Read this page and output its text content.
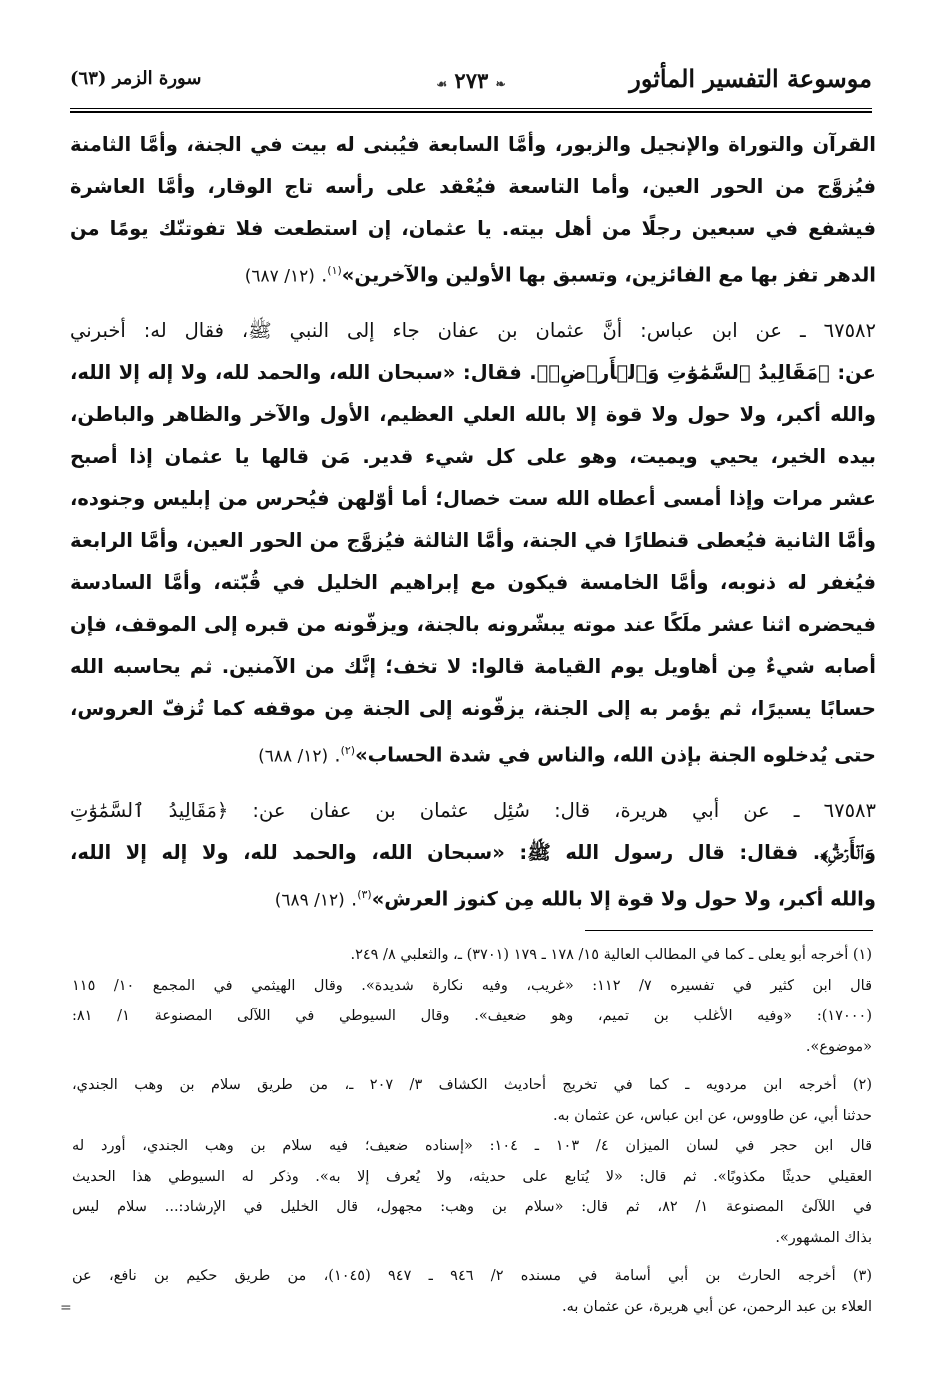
موسوعة التفسير المأثور
❧ ٢٧٣ ☙
سورة الزمر (٦٣)
القرآن والتوراة والإنجيل والزبور، وأمَّا السابعة فيُبنى له بيت في الجنة، وأمَّا الثامنة
فيُزوَّج من الحور العين، وأما التاسعة فيُعْقد على رأسه تاج الوقار، وأمَّا العاشرة
فيشفع في سبعين رجلًا من أهل بيته. يا عثمان، إن استطعت فلا تفوتنّك يومًا من
الدهر تفز بها مع الفائزين، وتسبق بها الأولين والآخرين»$^{(١)}$. (١٢/ ٦٨٧)
٦٧٥٨٢ ـ عن ابن عباس: أنَّ عثمان بن عفان جاء إلى النبي ﷺ، فقال له: أخبرني
عن: ﴿مَقَالِيدُ ٱلسَّمَٰوَٰتِ وَٱلۡأَرۡضِۗ﴾. فقال: «سبحان الله، والحمد لله، ولا إله إلا الله،
والله أكبر، ولا حول ولا قوة إلا بالله العلي العظيم، الأول والآخر والظاهر والباطن،
بيده الخير، يحيي ويميت، وهو على كل شيء قدير. مَن قالها يا عثمان إذا أصبح
عشر مرات وإذا أمسى أعطاه الله ست خصال؛ أما أوّلهن فيُحرس من إبليس وجنوده،
وأمَّا الثانية فيُعطى قنطارًا في الجنة، وأمَّا الثالثة فيُزوَّج من الحور العين، وأمَّا الرابعة
فيُغفر له ذنوبه، وأمَّا الخامسة فيكون مع إبراهيم الخليل في قُبّته، وأمَّا السادسة
فيحضره اثنا عشر ملَكًا عند موته يبشّرونه بالجنة، ويزفّونه من قبره إلى الموقف، فإن
أصابه شيءٌ مِن أهاويل يوم القيامة قالوا: لا تخف؛ إنَّك من الآمنين. ثم يحاسبه الله
حسابًا يسيرًا، ثم يؤمر به إلى الجنة، يزفّونه إلى الجنة مِن موقفه كما تُزفّ العروس،
حتى يُدخلوه الجنة بإذن الله، والناس في شدة الحساب»$^{(٢)}$. (١٢/ ٦٨٨)
٦٧٥٨٣ ـ عن أبي هريرة، قال: سُئِل عثمان بن عفان عن: ﴿مَقَالِيدُ ٱلسَّمَٰوَٰتِ
وَٱلۡأَرۡضِۗ﴾. فقال: قال رسول الله ﷺ: «سبحان الله، والحمد لله، ولا إله إلا الله،
والله أكبر، ولا حول ولا قوة إلا بالله مِن كنوز العرش»$^{(٣)}$. (١٢/ ٦٨٩)
(١) أخرجه أبو يعلى ـ كما في المطالب العالية ١٥/ ١٧٨ ـ ١٧٩ (٣٧٠١) ـ، والثعلبي ٨/ ٢٤٩.
قال ابن كثير في تفسيره ٧/ ١١٢: «غريب، وفيه نكارة شديدة». وقال الهيثمي في المجمع ١٠/ ١١٥
(١٧٠٠٠): «وفيه الأغلب بن تميم، وهو ضعيف». وقال السيوطي في اللآلى المصنوعة ١/ ٨١:
«موضوع».
(٢) أخرجه ابن مردويه ـ كما في تخريج أحاديث الكشاف ٣/ ٢٠٧ ـ، من طريق سلام بن وهب الجندي،
حدثنا أبي، عن طاووس، عن ابن عباس، عن عثمان به.
قال ابن حجر في لسان الميزان ٤/ ١٠٣ ـ ١٠٤: «إسناده ضعيف؛ فيه سلام بن وهب الجندي، أورد له
العقيلي حديثًا مكذوبًا». ثم قال: «لا يُتابع على حديثه، ولا يُعرف إلا به». وذكر له السيوطي هذا الحديث
في اللآلئ المصنوعة ١/ ٨٢، ثم قال: «سلام بن وهب: مجهول، قال الخليل في الإرشاد:... سلام ليس
بذاك المشهور».
(٣) أخرجه الحارث بن أبي أسامة في مسنده ٢/ ٩٤٦ ـ ٩٤٧ (١٠٤٥)، من طريق حكيم بن نافع، عن
العلاء بن عبد الرحمن، عن أبي هريرة، عن عثمان به.
=
